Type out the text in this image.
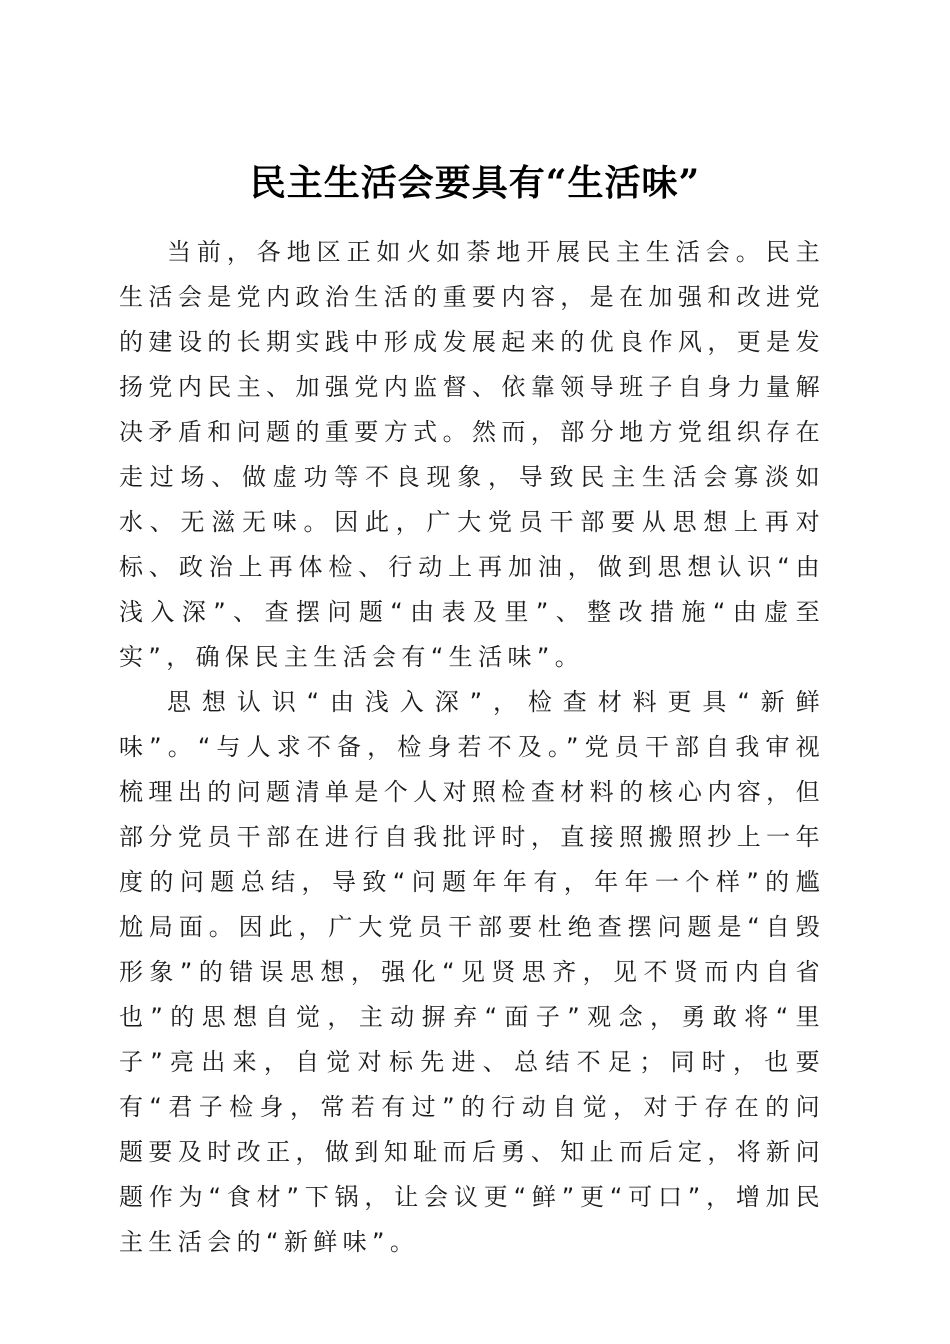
民主生活会要具有“生活味”

当前，各地区正如火如荼地开展民主生活会。民主生活会是党内政治生活的重要内容，是在加强和改进党的建设的长期实践中形成发展起来的优良作风，更是发扬党内民主、加强党内监督、依靠领导班子自身力量解决矛盾和问题的重要方式。然而，部分地方党组织存在走过场、做虚功等不良现象，导致民主生活会寡淡如水、无滋无味。因此，广大党员干部要从思想上再对标、政治上再体检、行动上再加油，做到思想认识“由浅入深”、查摆问题“由表及里”、整改措施“由虚至实”，确保民主生活会有“生活味”。

思想认识“由浅入深”，检查材料更具“新鲜味”。“与人求不备，检身若不及。”党员干部自我审视梳理出的问题清单是个人对照检查材料的核心内容，但部分党员干部在进行自我批评时，直接照搬照抄上一年度的问题总结，导致“问题年年有，年年一个样”的尴尬局面。因此，广大党员干部要杜绝查摆问题是“自毁形象”的错误思想，强化“见贤思齐，见不贤而内自省也”的思想自觉，主动摒弃“面子”观念，勇敢将“里子”亮出来，自觉对标先进、总结不足；同时，也要有“君子检身，常若有过”的行动自觉，对于存在的问题要及时改正，做到知耻而后勇、知止而后定，将新问题作为“食材”下锅，让会议更“鲜”更“可口”，增加民主生活会的“新鲜味”。
